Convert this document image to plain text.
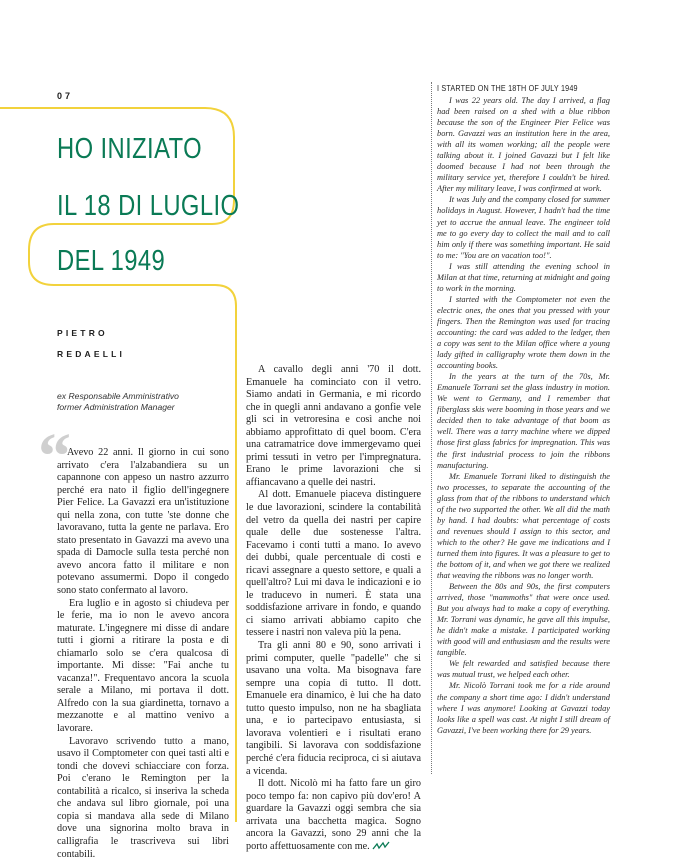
07
HO INIZIATO
IL 18 DI LUGLIO
DEL 1949
PIETRO
REDAELLI
ex Responsabile Amministrativo
former Administration Manager
“

Avevo 22 anni. Il giorno in cui sono arrivato c'era l'alzabandiera su un capannone con appeso un nastro azzurro perché era nato il figlio dell'ingegnere Pier Felice. La Gavazzi era un'istituzione qui nella zona, con tutte 'ste donne che lavoravano, tutta la gente ne parlava. Ero stato presentato in Gavazzi ma avevo una spada di Damocle sulla testa perché non avevo ancora fatto il militare e non potevano assumermi. Dopo il congedo sono stato confermato al lavoro.

Era luglio e in agosto si chiudeva per le ferie, ma io non le avevo ancora maturate. L'ingegnere mi disse di andare tutti i giorni a ritirare la posta e di chiamarlo solo se c'era qualcosa di importante. Mi disse: "Fai anche tu vacanza!". Frequentavo ancora la scuola serale a Milano, mi portava il dott. Alfredo con la sua giardinetta, tornavo a mezzanotte e al mattino venivo a lavorare.

Lavoravo scrivendo tutto a mano, usavo il Comptometer con quei tasti alti e tondi che dovevi schiacciare con forza. Poi c'erano le Remington per la contabilità a ricalco, si inseriva la scheda che andava sul libro giornale, poi una copia si mandava alla sede di Milano dove una signorina molto brava in calligrafia le trascriveva sui libri contabili.

A cavallo degli anni '70 il dott. Emanuele ha cominciato con il vetro. Siamo andati in Germania, e mi ricordo che in quegli anni andavano a gonfie vele gli sci in vetroresina e così anche noi abbiamo approfittato di quel boom. C'era una catramatrice dove immergevamo quei primi tessuti in vetro per l'impregnatura. Erano le prime lavorazioni che si affiancavano a quelle dei nastri.

Al dott. Emanuele piaceva distinguere le due lavorazioni, scindere la contabilità del vetro da quella dei nastri per capire quale delle due sostenesse l'altra. Facevamo i conti tutti a mano. Io avevo dei dubbi, quale percentuale di costi e ricavi assegnare a questo settore, e quali a quell'altro? Lui mi dava le indicazioni e io le traducevo in numeri. È stata una soddisfazione arrivare in fondo, e quando ci siamo arrivati abbiamo capito che tessere i nastri non valeva più la pena.

Tra gli anni 80 e 90, sono arrivati i primi computer, quelle "padelle" che si usavano una volta. Ma bisognava fare sempre una copia di tutto. Il dott. Emanuele era dinamico, è lui che ha dato tutto questo impulso, non ne ha sbagliata una, e io partecipavo entusiasta, si lavorava volentieri e i risultati erano tangibili. Si lavorava con soddisfazione perché c'era fiducia reciproca, ci si aiutava a vicenda.

Il dott. Nicolò mi ha fatto fare un giro poco tempo fa: non capivo più dov'ero! A guardare la Gavazzi oggi sembra che sia arrivata una bacchetta magica. Sogno ancora la Gavazzi, sono 29 anni che la porto affettuosamente con me.

I STARTED ON THE 18TH OF JULY 1949

I was 22 years old. The day I arrived, a flag had been raised on a shed with a blue ribbon because the son of the Engineer Pier Felice was born. Gavazzi was an institution here in the area, with all its women working; all the people were talking about it. I joined Gavazzi but I felt like doomed because I had not been through the military service yet, therefore I couldn't be hired. After my military leave, I was confirmed at work.

It was July and the company closed for summer holidays in August. However, I hadn't had the time yet to accrue the annual leave. The engineer told me to go every day to collect the mail and to call him only if there was something important. He said to me: "You are on vacation too!".

I was still attending the evening school in Milan at that time, returning at midnight and going to work in the morning.

I started with the Comptometer not even the electric ones, the ones that you pressed with your fingers. Then the Remington was used for tracing accounting: the card was added to the ledger, then a copy was sent to the Milan office where a young lady gifted in calligraphy wrote them down in the accounting books.

In the years at the turn of the 70s, Mr. Emanuele Torrani set the glass industry in motion. We went to Germany, and I remember that fiberglass skis were booming in those years and we decided then to take advantage of that boom as well. There was a tarry machine where we dipped those first glass fabrics for impregnation. This was the first industrial process to join the ribbons manufacturing.

Mr. Emanuele Torrani liked to distinguish the two processes, to separate the accounting of the glass from that of the ribbons to understand which of the two supported the other. We all did the math by hand. I had doubts: what percentage of costs and revenues should I assign to this sector, and which to the other? He gave me indications and I turned them into figures. It was a pleasure to get to the bottom of it, and when we got there we realized that weaving the ribbons was no longer worth.

Between the 80s and 90s, the first computers arrived, those "mammoths" that were once used. But you always had to make a copy of everything. Mr. Torrani was dynamic, he gave all this impulse, he didn't make a mistake. I participated working with good will and enthusiasm and the results were tangible.

We felt rewarded and satisfied because there was mutual trust, we helped each other.

Mr. Nicolò Torrani took me for a ride around the company a short time ago: I didn't understand where I was anymore! Looking at Gavazzi today looks like a spell was cast. At night I still dream of Gavazzi, I've been working there for 29 years.
